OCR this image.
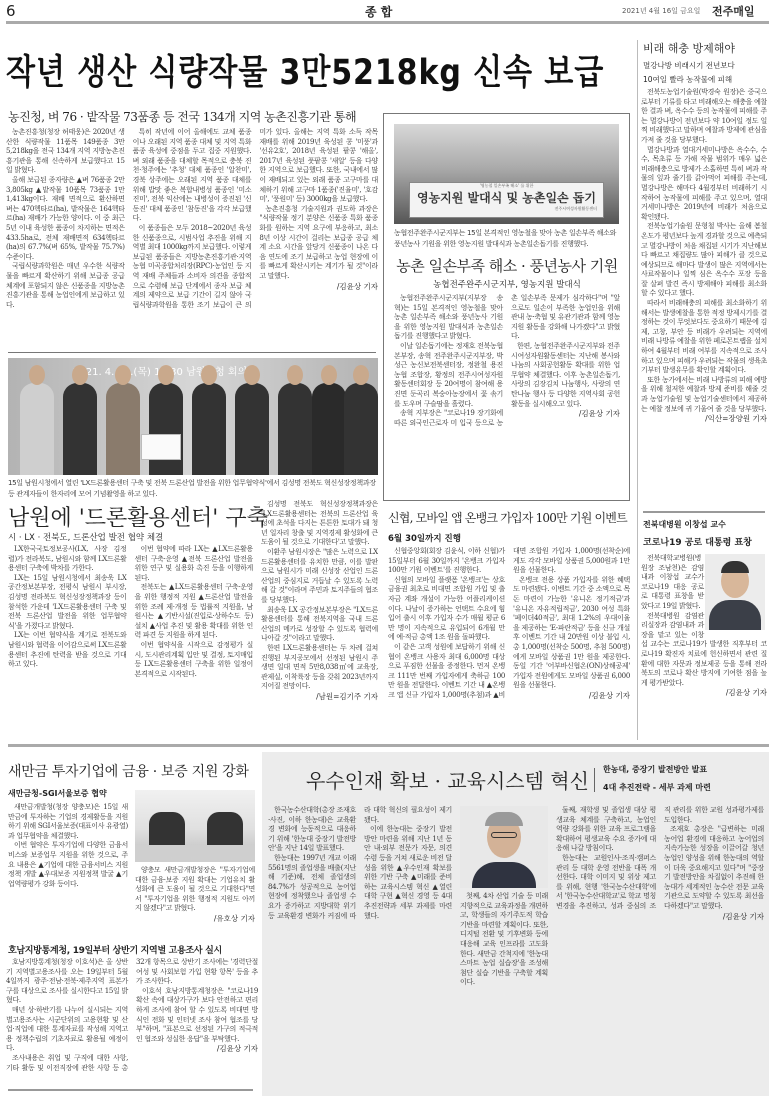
6	종 합	2021년 4월 16일 금요일 전주매일
작년 생산 식량작물 3만5218kg 신속 보급
농진청, 벼 76 · 밭작물 73품종 등 전국 134개 지역 농촌진흥기관 통해

농촌진흥청(청장 허태웅)은 2020년 생산한 식량작물 11품목 149품종 3만 5,218kg을 전국 134개 지역 지방농촌진흥기관을 통해 신속하게 보급했다고 15일 밝혔다.

올해 보급된 종자량은 ▲벼 76품종 2만3,805kg ▲밭작물 10품목 73품종 1만 1,413kg이다. 재배 면적으로 환산하면 벼는 470헥타르(ha), 밭작물은 164헥타르(ha) 재배가 가능한 양이다. 이 중 최근 5년 이내 육성한 품종이 차지하는 면적은 433.5ha로, 전체 재배면적 634헥타르(ha)의 67.7%(벼 65%, 밭작물 75.7%) 수준이다.

국립식량과학원은 매년 우수한 식량작물을 빠르게 확산하기 위해 보급종 공급체계에 포함되지 않은 신품종을 지방농촌진흥기관을 통해 농업인에게 보급하고 있다.

특히 작년에 이어 올해에도 교체 품종이나 오래된 지역 품종 대체 및 지역 특화 품종 육성에 중점을 두고 집중 지원했다. 벼 외래 품종을 대체할 목적으로 충북 진천·청주에는 '추청' 대체 품종인 '알찬미', 경북 상주에는 오래된 지역 품종 대체를 위해 밥맛 좋은 복합내병성 품종인 '미소진미', 전북 익산에는 내병성이 증진된 '신동진' 대체 품종인 '참동진'을 각각 보급했다.

이 품종들은 모두 2018~2020년 육성한 신품종으로, 시범사업 추진을 위해 지역별 최대 1000kg까지 보급했다. 이렇게 보급된 품종들은 지방농촌진흥기관·지역 농협 미곡종합처리장(RPC)·농업인 등 지역 재배 주체들과 소비자 의견을 종합적으로 수렴해 보급 단계에서 종자 보급 체계의 제약으로 보급 기간이 길지 않아 국립식량과학원을 통한 조기 보급이 큰 의미가 있다. 올해는 지역 특화 소득 작목 재배를 위해 2019년 육성된 콩 '미풍'과 '선유2호', 2018년 육성된 팥콩 '해올', 2017년 육성된 풋팥콩 '새알' 등을 다양한 지역으로 보급했다. 또한, 국내에서 많이 재배되고 있는 외래 품종 고구마를 대체하기 위해 고구마 1품종('진율미', '호감미', '풍원미' 등) 3000kg을 보급했다.

농촌진흥청 기술지원과 권도하 과장은 "식량작물 정기 분양은 신품종 특화 품종화를 원하는 지역 요구에 부응하고, 최소 8년 이상 시간이 걸리는 보급종 공급 체계 소요 시간을 앞당겨 신품종이 나온 다음 연도에 조기 보급하고 농업 현장에 이를 빠르게 확산시키는 계기가 될 것"이라고 말했다.

/김윤상 기자
'영농철 일손부족 해소' 를 위한
영농지원 발대식 및 농촌일손 돕기
전주시여성자원활동센터
농협전주완주시군지부는 15일 본격적인 영농철을 맞아 농촌 일손부족 해소와 풍년농사 기원을 위한 영농지원 발대식과 농촌일손돕기를 진행했다.
농촌 일손부족 해소 · 풍년농사 기원
농협전주완주시군지부, 영농지원 발대식

농협전주완주시군지부(지부장 송혁)는 15일 본격적인 영농철을 맞아 농촌 일손부족 해소와 풍년농사 기원을 위한 영농지원 발대식과 농촌일손돕기를 진행했다고 밝혔다.

이날 일손돕기에는 정재호 전북농협 본부장, 송혁 전주완주시군지부장, 박성근 농신보전북센터장, 정완철 용진농협 조합장, 황정의 전주시여성자원활동센터회장 등 20여명이 참여해 용진면 둔곡리 복숭아농장에서 꽃 솎기를 도우며 구슬땀을 흘렸다.

송혁 지부장은 "코로나19 장기화에 따른 외국인근로자 미 입국 등으로 농촌 일손부족 문제가 심각하다"며 "앞으로도 일손이 부족한 농업인을 위해 관내 농·축협 및 유관기관과 함께 영농지원 활동을 강화해 나가겠다"고 밝혔다.

한편, 농협전주완주시군지부와 전주시여성자원활동센터는 지난해 봉사와 나눔의 사회공헌활동 확대를 위한 업무협약 체결했다. 이후 농촌일손돕기, 사랑의 김장김치 나눔행사, 사랑의 연탄나눔 행사 등 다양한 지역사회 공헌활동을 실시해오고 있다.

/김윤상 기자
비래 해충 방제해야
멸강나방 비래시기 전년보다
10여일 빨라 농작물에 피해

전북도농업기술원(박경숙 원장)은 중국으로부터 기류를 타고 비래해오는 해충을 예찰한 결과 벼, 옥수수 등의 농작물에 피해를 주는 멸강나방이 전년보다 약 10여일 정도 일찍 비래했다고 말하며 예찰과 방제에 관심을 가져 줄 것을 당부했다.

멸강나방과 열대거세미나방은 옥수수, 수수, 목초류 등 가해 작물 범위가 매우 넓은 비래해충으로 방제가 소홀하면 특히 벼과 작물의 잎과 줄기를 갉아먹어 피해를 주는데, 멸강나방은 해마다 4월경부터 비래하기 시작하여 농작물에 피해를 주고 있으며, 열대거세미나방은 2019년에 비래가 처음으로 확인됐다.

전북농업기술원 문형철 박사는 올해 봄철 온도가 평년보다 높게 경과할 것으로 예측되고 멸강나방이 처음 채집된 시기가 지난해보다 빠르고 채집량도 많아 피해가 클 것으로 예상되므로 해마다 발생이 많은 지역에서는 사료작물이나 일찍 심은 옥수수 포장 등을 잘 살펴 발견 즉시 방제해야 피해를 최소화할 수 있다고 했다.

따라서 비래해충의 피해를 최소화하기 위해서는 발생예찰을 통한 적정 방제시기를 결정하는 것이 무엇보다도 중요하기 때문에 김제, 고창, 부안 등 비래가 우려되는 지역에 비래 나방류 예찰을 위한 페로몬트랩을 설치하여 4월부터 비래 여부를 지속적으로 조사하고 있으며 피해가 우려되는 작물의 생육초기부터 발생유무를 확인할 계획이다.

또한 농가에서는 비래 나방류의 피해 예방을 위해 철저한 예찰과 방제 준비를 해줄 것과 농업기술원 및 농업기술센터에서 제공하는 예찰 정보에 귀 기울여 줄 것을 당부했다.

/익산=장양원 기자
전북대병원 이창섭 교수
코로나19 공로 대통령 표창

전북대학교병원(병원장 조남천)은 감염내과 이창섭 교수가 코로나19 대응 공로로 대통령 표창을 받았다고 19일 밝혔다.

전북대병원 감염관리실장과 감염내과 과장을 맡고 있는 이창섭 교수는 코로나19가 발생한 직후부터 코로나19 확진자 치료에 헌신하면서 관련 질환에 대한 자문과 정보제공 등을 통해 전라북도의 코로나 확산 방지에 기여한 점을 높게 평가받았다.

/김윤상 기자
4. 15.(목) 회의실
15일 남원시청에서 열린 'LX드론활용센터 구축 및 전북 드론산업 발전을 위한 업무협약식'에서 김성명 전북도 혁신성장정책과장 등 관계자들이 한자리에 모여 기념촬영을 하고 있다.
남원에 '드론활용센터' 구축
시 · LX · 전북도, 드론산업 발전 협약 체결

LX한국국토정보공사(LX, 사장 김정렬)가 전라북도, 남원시와 함께 LX드론활용센터 구축에 박차를 가한다.

LX는 15일 남원시청에서 최송욱 LX 공간정보본부장, 전평식 남원시 부시장, 김성명 전라북도 혁신성장정책과장 등이 참석한 가운데 'LX드론활용센터 구축 및 전북 드론산업 발전을 위한 업무협약식'을 가졌다고 밝혔다.

LX는 이번 협약식을 계기로 전북도와 남원시와 협력을 이어감으로써 LX드론활용센터 추진에 탄력을 받을 것으로 기대하고 있다.

이번 협약에 따라 LX는 ▲LX드론활용센터 구축·운영 ▲전북 드론산업 발전을 위한 연구 및 실용화 촉진 등을 이행하게 된다.

전북도는 ▲LX드론활용센터 구축·운영을 위한 행정적 지원 ▲드론산업 발전을 위한 조례 제·개정 등 법률적 지원을, 남원시는 ▲기반시설(진입로·상하수도 등) 설치 ▲사업 추진 및 활용 확대를 위한 인력 파견 등 지원을 하게 된다.

이번 협약식을 시작으로 감정평가 실시, 도시관리계획 입안 및 결정, 토지매입 등 LX드론활용센터 구축을 위한 일정이 본격적으로 시작된다.

김성명 전북도 혁신성장정책과장은 'LX드론활용센터는 전북의 드론산업 육성에 초석을 다지는 튼튼한 토대가 돼 청년 일자리 창출 및 지역경제 활성화에 큰 도움이 될 것으로 기대한다'고 말했다.

이환주 남원시장은 "많은 노력으로 LX드론활용센터를 유치한 만큼, 이를 발판으로 남원시가 미래 신성장 산업인 드론산업의 중심지로 거듭날 수 있도록 노력해 갈 것"이라며 주민과 토지주들의 협조를 당부했다.

최송욱 LX 공간정보본부장은 "LX드론활용센터를 통해 전북지역을 국내 드론산업의 메카로 성장할 수 있도록 협력에 나아갈 것"이라고 말했다.

한편 LX드론활용센터는 두 차례 걸쳐 진행된 부지공모에서 선정된 남원시 주생면 일대 면적 5만8,038㎡에 교육장, 관제실, 이착륙장 등을 갖춰 2023년까지 지어질 전망이다.

/남원=김기주 기자
신협, 모바일 앱 온뱅크 가입자 100만 기원 이벤트
6월 30일까지 진행

신협중앙회(회장 김윤식, 이하 신협)가 15일부터 6월 30일까지 '온뱅크 가입자 100만 기원 이벤트'를 진행한다.

신협의 모바일 플랫폼 '온뱅크'는 상호금융권 최초로 비대면 조합원 가입 및 출자금 계좌 개설이 가능한 어플리케이션이다. 나날이 증가하는 언택트 수요에 힘입어 출시 이후 가입자 수가 매월 평균 6만 명이 지속적으로 유입되어 6개월 만에 예·적금 총액 1조 원을 돌파했다.

이 같은 고객 성원에 보답하기 위해 신협이 온뱅크 사용자 최대 6,000명 대상으로 푸짐한 선물을 증정한다. 먼저 온뱅크 111만 번째 가입자에게 축하금 100만 원을 전달한다. 이벤트 기간 내 ▲온뱅크 앱 신규 가입자 1,000명(추첨)과 ▲비대면 조합원 가입자 1,000명(선착순)에게도 각각 모바일 상품권 5,000원과 1만원을 선물한다.

온뱅크 전용 상품 가입자를 위한 혜택도 마련됐다. 이벤트 기간 중 소액으로 목돈 마련이 가능한 '유니온 정기적금'과 '유니온 자유적립적금', 2030 여성 특화 '페이더40적금', 최대 1.2%의 우대이율을 제공하는 'E-파란적금' 등을 신규 개설 후 이벤트 기간 내 20만원 이상 불입 시, 총 1,000명(선착순 500명, 추첨 500명)에게 모바일 상품권 1만 원을 제공한다. 동일 기간 '어부바신협온(ON)상해공제' 가입자 전원에게도 모바일 상품권 6,000원을 선물한다.

/김윤상 기자
새만금 투자기업에 금융 · 보증 지원 강화
새만금청-SGI서울보증 협약

새만금개발청(청장 양충모)은 15일 새만금에 투자하는 기업의 경제활동을 지원하기 위해 SGI서울보증(대표이사 유광열)과 업무협약을 체결했다.

이번 협약은 투자기업에 다양한 금융서비스와 보증업무 지원을 위한 것으로, 주요 내용은 ▲기업에 대한 금융서비스 지원정책 개발 ▲우대보증 지원정책 발굴 ▲기업역량평가 강화 등이다.

양충모 새만금개발청장은 "투자기업에 대한 금융·보증 지원 확대는 기업유치 활성화에 큰 도움이 될 것으로 기대한다"면서 "투자기업을 위한 행정적 지원도 아끼지 않겠다"고 밝혔다.

/유호상 기자
호남지방통계청, 19일부터 상반기 지역별 고용조사 실시

호남지방통계청(청장 이호석)은 올 상반기 지역별고용조사를 오는 19일부터 5월 4일까지 광주·전남·전북·제주지역 표본가구를 대상으로 조사를 실시한다고 15일 밝혔다.

매년 상·하반기를 나누어 실시되는 지역별고용조사는 시군단위의 고용현황 및 산업·직업에 대한 통계자료를 작성해 지역고용 정책수립의 기초자료로 활용될 예정이다.

조사내용은 취업 및 구직에 대한 사항, 기타 활동 및 이전직장에 관한 사항 등 총 32개 항목으로 상반기 조사에는 '경력단절 여성 및 사회보험 가입 현황 항목' 등을 추가 조사한다.

이호석 호남지방통계청장은 "코로나19 확산 속에 대상가구가 보다 안전하고 편리하게 조사에 참여 할 수 있도록 비대면 방식인 전화 및 인터넷 조사 참여 협조를 당부"하며, "표본으로 선정된 가구의 적극적인 협조와 성실한 응답"을 부탁했다.

/김윤상 기자
우수인재 확보 · 교육시스템 혁신 한농대, 중장기 발전방안 발표
4대 추진전략 - 세부 과제 마련

한국농수산대학(총장 조재호·사진, 이하 한농대)은 교육환경 변화에 능동적으로 대응하기 위해 '한농대 중장기 발전방안'을 지난 14일 발표했다.

한농대는 1997년 개교 이래 5561명의 졸업생을 배출(지난해 기준)해, 전체 졸업생의 84.7%가 성공적으로 농어업 현장에 정착했으나 졸업생 수요가 증가하고 지방대학 위기 등 교육환경 변화가 커짐에 따라 대학 혁신의 필요성이 제기됐다.

이에 한농대는 중장기 발전방안 마련을 위해 지난 1년 동안 내·외부 전문가 자문, 의견수렴 등을 거쳐 새로운 비전 달성을 위한 ▲우수인재 확보를 위한 기반 구축 ▲미래를 준비하는 교육시스템 혁신 ▲열린 대학 구현 ▲혁신 경영 등 4대 추진전략과 세부 과제를 마련했다.

첫째, 4차 산업 기술 등 미래지향적으로 교육과정을 개편하고, 학생들의 자기주도적 학습기반을 마련할 계획이다. 또한, 디지털 전환 및 기후변화 등에 대응해 교육 인프라를 고도화한다. 새만금 간척지에 '한농대 스마트 농업 실습장'을 조성해 첨단 실습 기반을 구축할 계획이다.

둘째, 재학생 및 졸업생 대상 평생교육 체계를 구축하고, 농업인 역량 강화를 위한 교육 프로그램을 확대하여 평생교육 수요 증가에 대응해 나갈 방침이다.

한농대는 교원인사·조직·캠퍼스 관리 등 대학 운영 전반을 대폭 개선한다. 대학 이미지 및 위상 제고를 위해, 현행 '한국농수산대학'에서 '한국농수산대학교'로 학교 명칭 변경을 추진하고, 성과 중심의 조직 관리를 위한 교원 성과평가제를 도입한다.

조재호 총장은 "급변하는 미래 농어업 환경에 대응하고 농어업의 지속가능한 성장을 이끌어갈 청년농업인 양성을 위해 한농대의 역할이 더욱 중요해지고 있다"며 "중장기 발전방안을 차질없이 추진해 한농대가 세계적인 농수산 전문 교육기관으로 도약할 수 있도록 최선을 다하겠다"고 말했다.

/김윤상 기자
